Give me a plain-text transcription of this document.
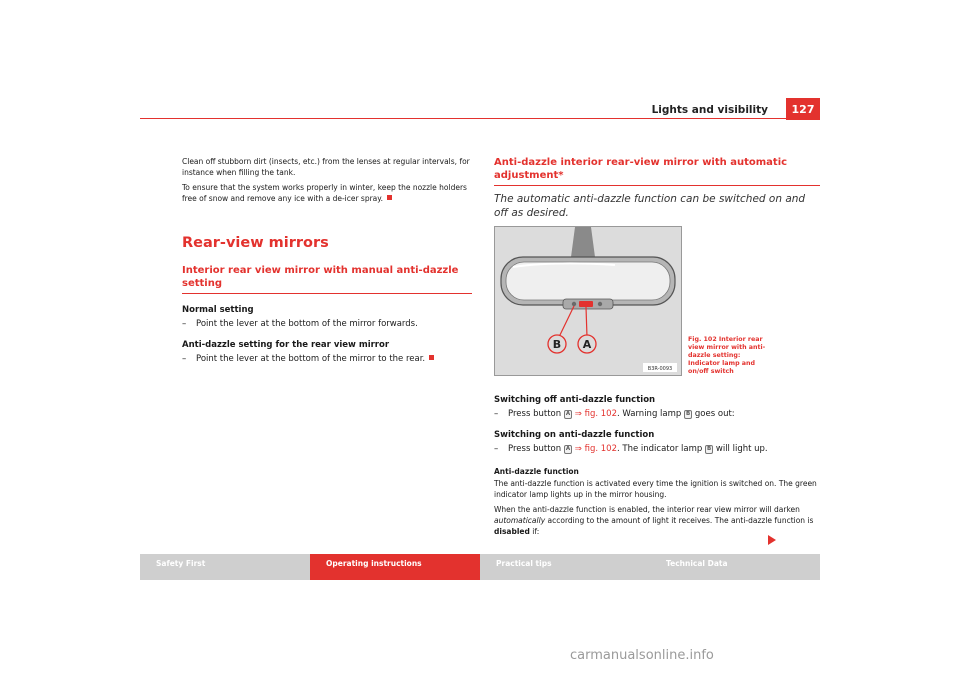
Lights and visibility	127

Clean off stubborn dirt (insects, etc.) from the lenses at regular intervals, for instance when filling the tank.

To ensure that the system works properly in winter, keep the nozzle holders free of snow and remove any ice with a de-icer spray.

Rear-view mirrors
Interior rear view mirror with manual anti-dazzle setting

Normal setting

– Point the lever at the bottom of the mirror forwards.

Anti-dazzle setting for the rear view mirror

– Point the lever at the bottom of the mirror to the rear.

Anti-dazzle interior rear-view mirror with automatic adjustment*

The automatic anti-dazzle function can be switched on and off as desired.

B A
B3R-0093
Fig. 102 Interior rear view mirror with anti-dazzle setting: Indicator lamp and on/off switch

Switching off anti-dazzle function

– Press button A ⇒ fig. 102. Warning lamp B goes out:

Switching on anti-dazzle function

– Press button A ⇒ fig. 102. The indicator lamp B will light up.

Anti-dazzle function

The anti-dazzle function is activated every time the ignition is switched on. The green indicator lamp lights up in the mirror housing.

When the anti-dazzle function is enabled, the interior rear view mirror will darken automatically according to the amount of light it receives. The anti-dazzle function is disabled if:

Safety First	Operating instructions	Practical tips	Technical Data
carmanualsonline.info
